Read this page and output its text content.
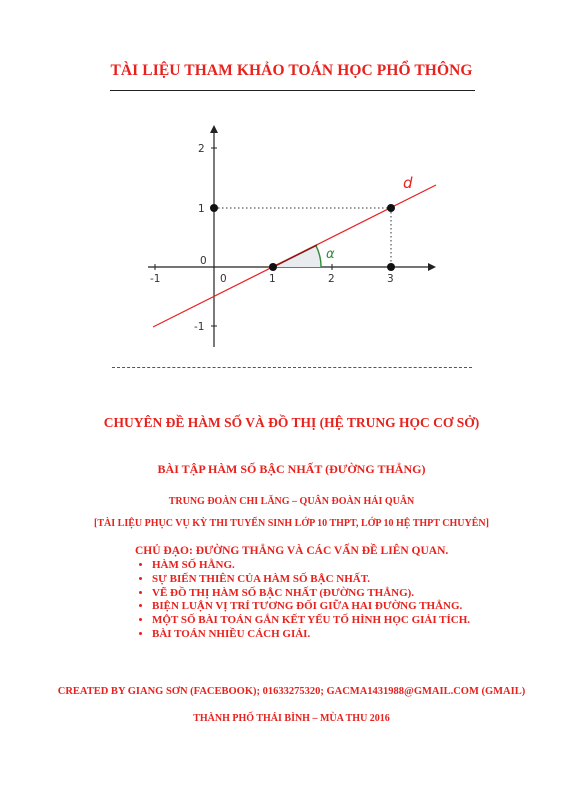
TÀI LIỆU THAM KHẢO TOÁN HỌC PHỔ THÔNG
-1	0	1	2	3
2
1
-1
0
d
α
CHUYÊN ĐỀ HÀM SỐ VÀ ĐỒ THỊ (HỆ TRUNG HỌC CƠ SỞ)
BÀI TẬP HÀM SỐ BẬC NHẤT (ĐƯỜNG THẲNG)
TRUNG ĐOÀN CHI LĂNG – QUÂN ĐOÀN HẢI QUÂN
[TÀI LIỆU PHỤC VỤ KỲ THI TUYỂN SINH LỚP 10 THPT, LỚP 10 HỆ THPT CHUYÊN]
CHỦ ĐẠO: ĐƯỜNG THẲNG VÀ CÁC VẤN ĐỀ LIÊN QUAN.
• HÀM SỐ HẰNG.
• SỰ BIẾN THIÊN CỦA HÀM SỐ BẬC NHẤT.
• VẼ ĐỒ THỊ HÀM SỐ BẬC NHẤT (ĐƯỜNG THẲNG).
• BIỆN LUẬN VỊ TRÍ TƯƠNG ĐỐI GIỮA HAI ĐƯỜNG THẲNG.
• MỘT SỐ BÀI TOÁN GẮN KẾT YẾU TỐ HÌNH HỌC GIẢI TÍCH.
• BÀI TOÁN NHIỀU CÁCH GIẢI.
CREATED BY GIANG SƠN (FACEBOOK); 01633275320; GACMA1431988@GMAIL.COM (GMAIL)
THÀNH PHỐ THÁI BÌNH – MÙA THU 2016
